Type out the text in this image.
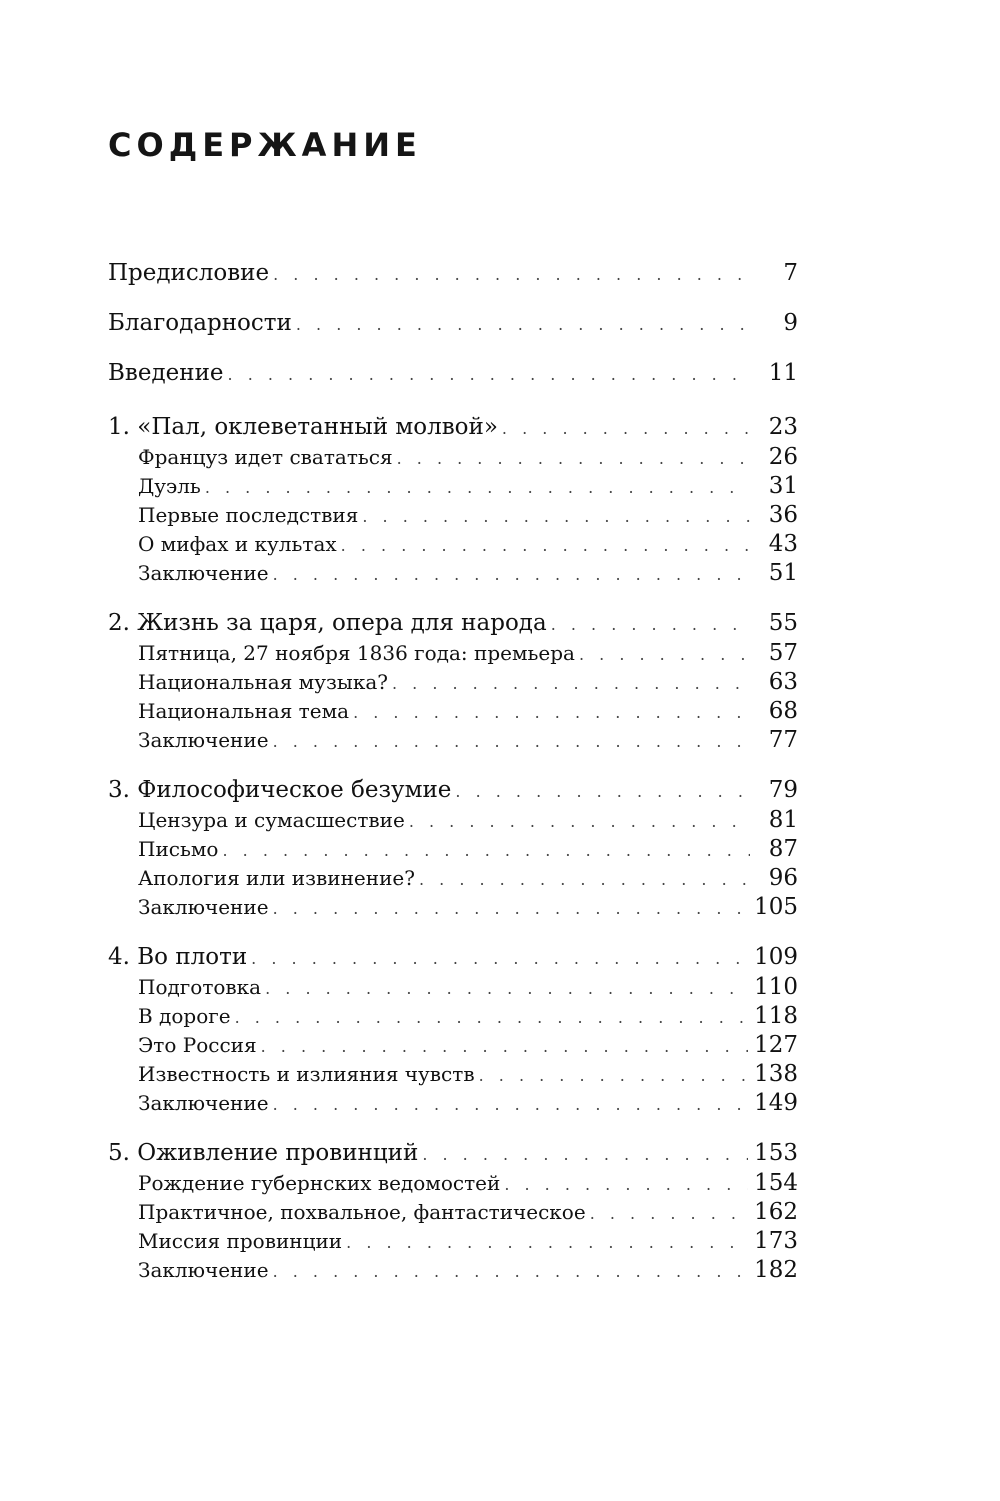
СОДЕРЖАНИЕ
Предисловие . . .	7
Благодарности . . .	9
Введение . . .	11
1. «Пал, оклеветанный молвой» . . .	23
Француз идет свататься . . .	26
Дуэль . . .	31
Первые последствия . . .	36
О мифах и культах . . .	43
Заключение . . .	51
2. Жизнь за царя, опера для народа . . .	55
Пятница, 27 ноября 1836 года: премьера . . .	57
Национальная музыка? . . .	63
Национальная тема . . .	68
Заключение . . .	77
3. Философическое безумие . . .	79
Цензура и сумасшествие . . .	81
Письмо . . .	87
Апология или извинение? . . .	96
Заключение . . .	105
4. Во плоти . . .	109
Подготовка . . .	110
В дороге . . .	118
Это Россия . . .	127
Известность и излияния чувств . . .	138
Заключение . . .	149
5. Оживление провинций . . .	153
Рождение губернских ведомостей . . .	154
Практичное, похвальное, фантастическое . . .	162
Миссия провинции . . .	173
Заключение . . .	182
